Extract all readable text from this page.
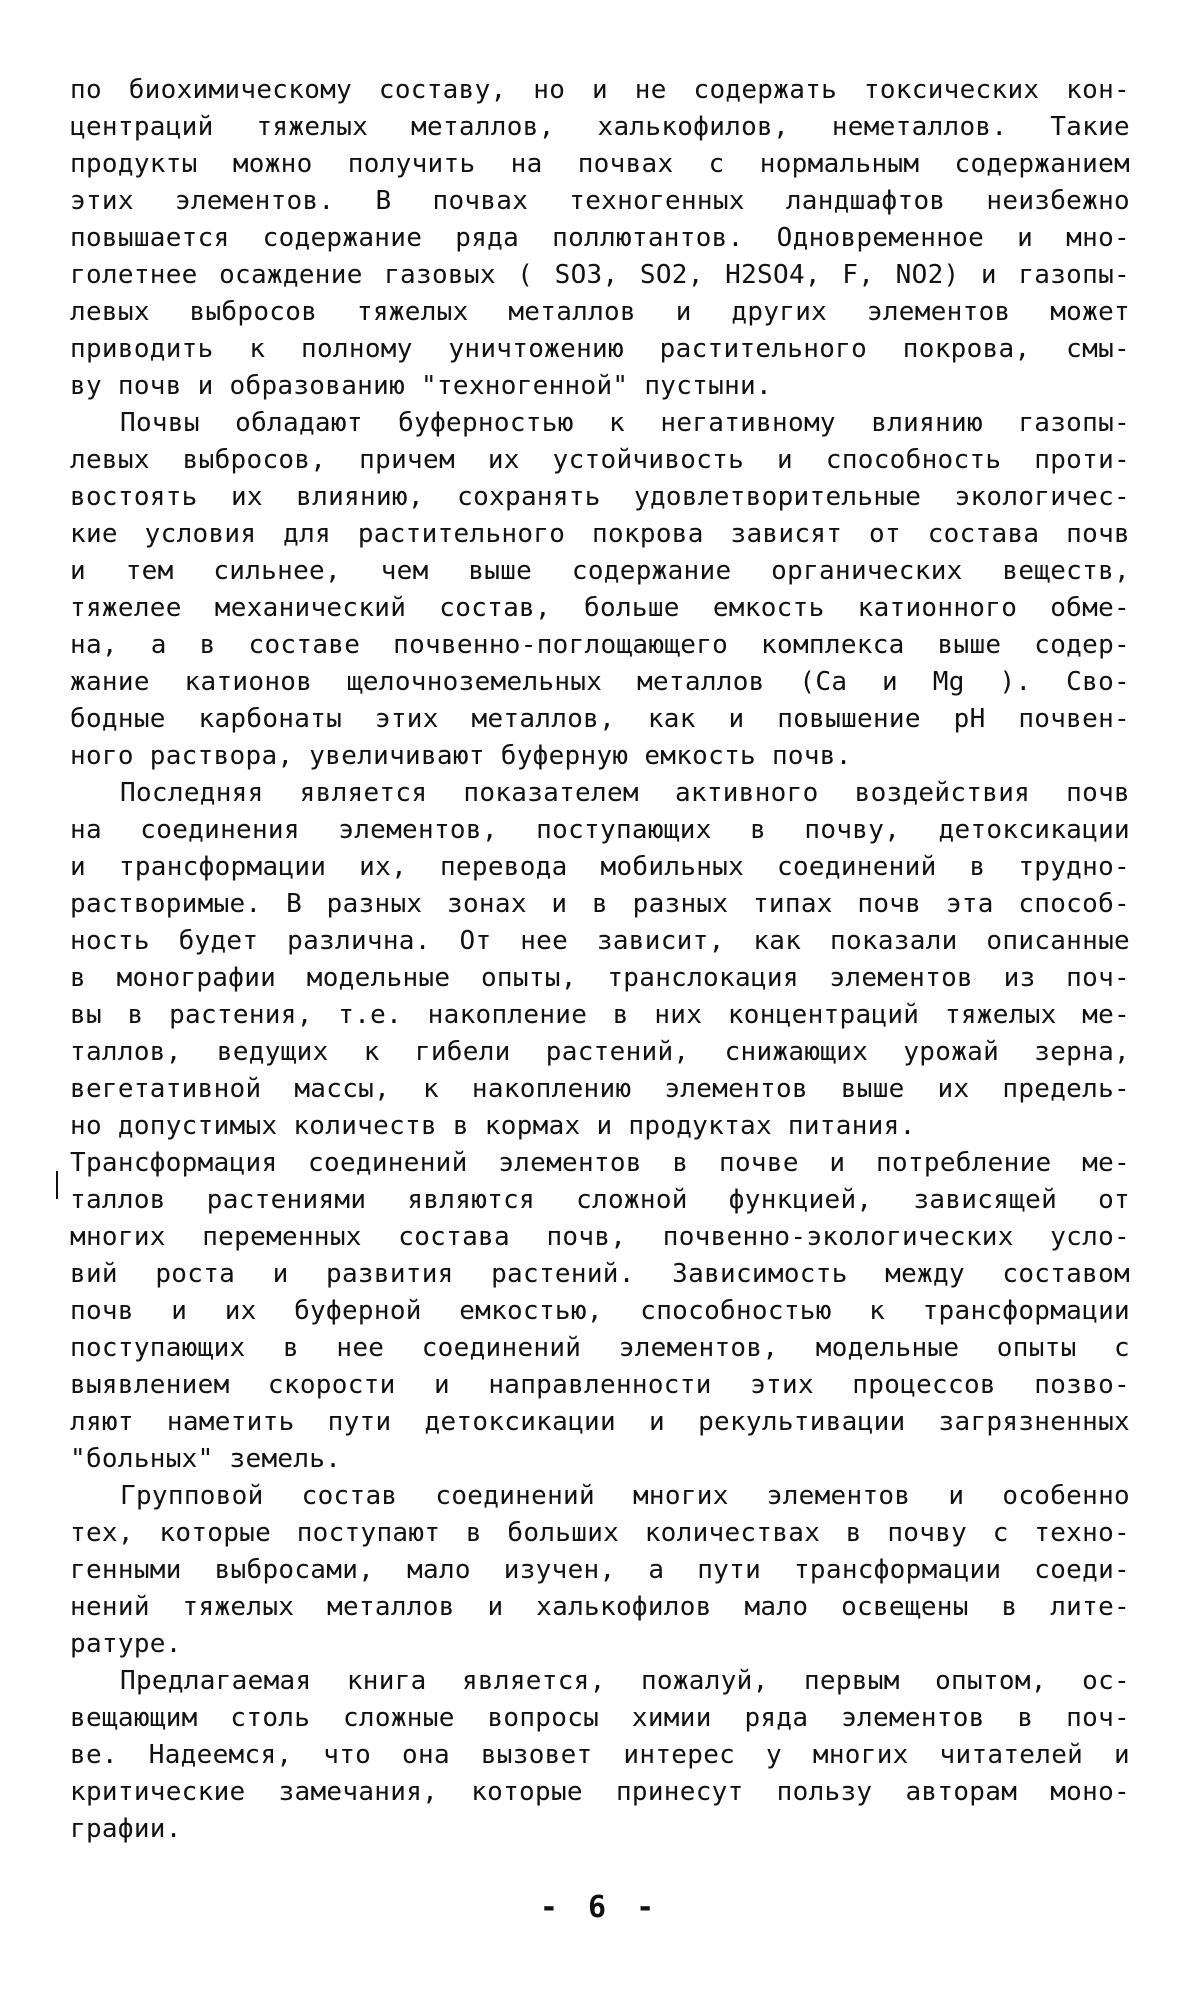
по биохимическому составу, но и не содержать токсических кон-
центраций тяжелых металлов, халькофилов, неметаллов. Такие
продукты можно получить на почвах с нормальным содержанием
этих элементов. В почвах техногенных ландшафтов неизбежно
повышается содержание ряда поллютантов. Одновременное и мно-
голетнее осаждение газовых ( SO3, SO2, H2SO4, F, NO2) и газопы-
левых выбросов тяжелых металлов и других элементов может
приводить к полному уничтожению растительного покрова, смы-
ву почв и образованию "техногенной" пустыни.
Почвы обладают буферностью к негативному влиянию газопы-
левых выбросов, причем их устойчивость и способность проти-
востоять их влиянию, сохранять удовлетворительные экологичес-
кие условия для растительного покрова зависят от состава почв
и тем сильнее, чем выше содержание органических веществ,
тяжелее механический состав, больше емкость катионного обме-
на, а в составе почвенно-поглощающего комплекса выше содер-
жание катионов щелочноземельных металлов (Са и Mg ). Сво-
бодные карбонаты этих металлов, как и повышение pH почвен-
ного раствора, увеличивают буферную емкость почв.
Последняя является показателем активного воздействия почв
на соединения элементов, поступающих в почву, детоксикации
и трансформации их, перевода мобильных соединений в трудно-
растворимые. В разных зонах и в разных типах почв эта способ-
ность будет различна. От нее зависит, как показали описанные
в монографии модельные опыты, транслокация элементов из поч-
вы в растения, т.е. накопление в них концентраций тяжелых ме-
таллов, ведущих к гибели растений, снижающих урожай зерна,
вегетативной массы, к накоплению элементов выше их предель-
но допустимых количеств в кормах и продуктах питания.
Трансформация соединений элементов в почве и потребление ме-
таллов растениями являются сложной функцией, зависящей от
многих переменных состава почв, почвенно-экологических усло-
вий роста и развития растений. Зависимость между составом
почв и их буферной емкостью, способностью к трансформации
поступающих в нее соединений элементов, модельные опыты с
выявлением скорости и направленности этих процессов позво-
ляют наметить пути детоксикации и рекультивации загрязненных
"больных" земель.
Групповой состав соединений многих элементов и особенно
тех, которые поступают в больших количествах в почву с техно-
генными выбросами, мало изучен, а пути трансформации соеди-
нений тяжелых металлов и халькофилов мало освещены в лите-
ратуре.
Предлагаемая книга является, пожалуй, первым опытом, ос-
вещающим столь сложные вопросы химии ряда элементов в поч-
ве. Надеемся, что она вызовет интерес у многих читателей и
критические замечания, которые принесут пользу авторам моно-
графии.
- 6 -
